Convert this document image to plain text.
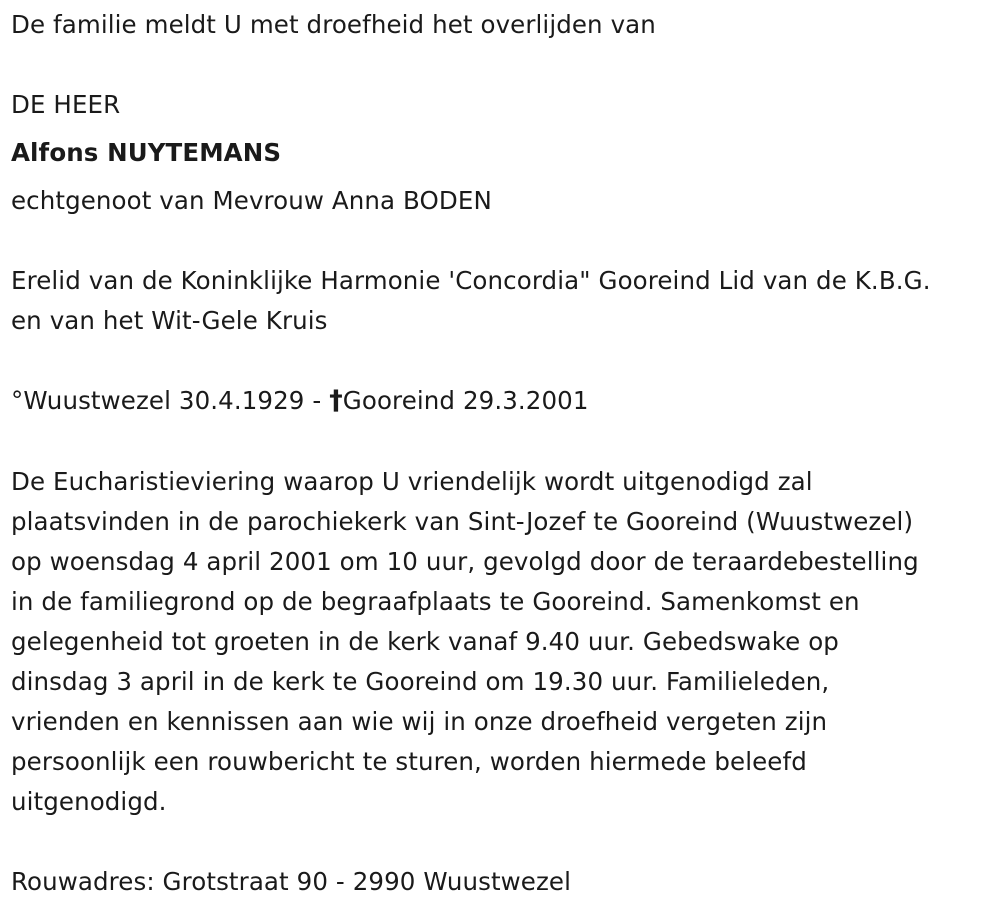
De familie meldt U met droefheid het overlijden van
DE HEER
Alfons NUYTEMANS
echtgenoot van Mevrouw Anna BODEN
Erelid van de Koninklijke Harmonie 'Concordia" Gooreind Lid van de K.B.G.
en van het Wit-Gele Kruis
°Wuustwezel 30.4.1929 - †Gooreind 29.3.2001
De Eucharistieviering waarop U vriendelijk wordt uitgenodigd zal
plaatsvinden in de parochiekerk van Sint-Jozef te Gooreind (Wuustwezel)
op woensdag 4 april 2001 om 10 uur, gevolgd door de teraardebestelling
in de familiegrond op de begraafplaats te Gooreind. Samenkomst en
gelegenheid tot groeten in de kerk vanaf 9.40 uur. Gebedswake op
dinsdag 3 april in de kerk te Gooreind om 19.30 uur. Familieleden,
vrienden en kennissen aan wie wij in onze droefheid vergeten zijn
persoonlijk een rouwbericht te sturen, worden hiermede beleefd
uitgenodigd.
Rouwadres: Grotstraat 90 - 2990 Wuustwezel
